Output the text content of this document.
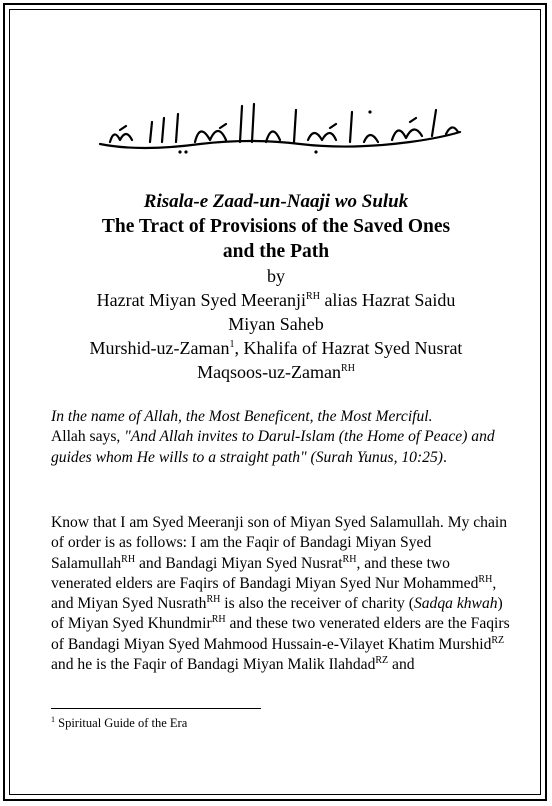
Risala-e Zaad-un-Naaji wo Suluk
The Tract of Provisions of the Saved Ones
and the Path
by
Hazrat Miyan Syed Meeranji$^{RH}$ alias Hazrat Saidu
Miyan Saheb
Murshid-uz-Zaman$^1$, Khalifa of Hazrat Syed Nusrat
Maqsoos-uz-Zaman$^{RH}$
In the name of Allah, the Most Beneficent, the Most Merciful.
Allah says, "And Allah invites to Darul-Islam (the Home of Peace) and guides whom He wills to a straight path" (Surah Yunus, 10:25).
Know that I am Syed Meeranji son of Miyan Syed Salamullah. My chain of order is as follows: I am the Faqir of Bandagi Miyan Syed Salamullah$^{RH}$ and Bandagi Miyan Syed Nusrat$^{RH}$, and these two venerated elders are Faqirs of Bandagi Miyan Syed Nur Mohammed$^{RH}$, and Miyan Syed Nusrath$^{RH}$ is also the receiver of charity (Sadqa khwah) of Miyan Syed Khundmir$^{RH}$ and these two venerated elders are the Faqirs of Bandagi Miyan Syed Mahmood Hussain-e-Vilayet Khatim Murshid$^{RZ}$ and he is the Faqir of Bandagi Miyan Malik Ilahdad$^{RZ}$ and
$^1$ Spiritual Guide of the Era
